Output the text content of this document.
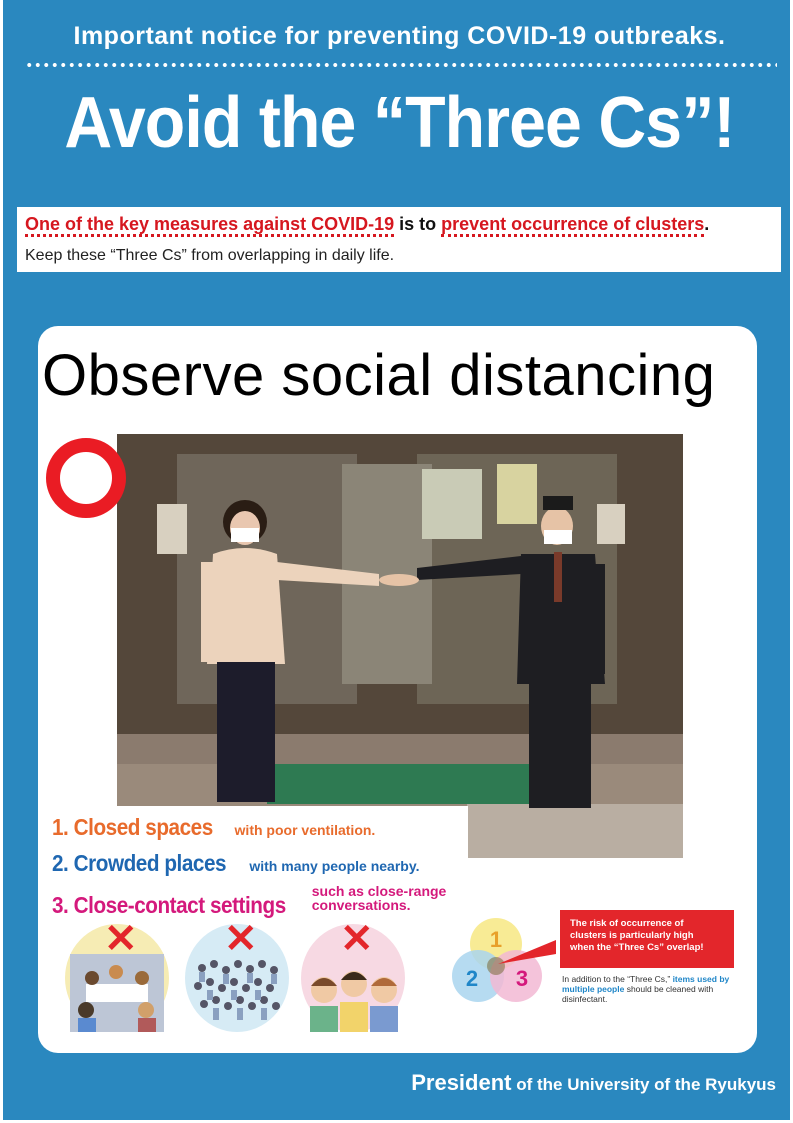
Important notice for preventing COVID-19 outbreaks.
Avoid the “Three Cs”!
One of the key measures against COVID-19 is to prevent occurrence of clusters.
Keep these “Three Cs” from overlapping in daily life.
Observe social distancing
1. Closed spaces with poor ventilation.
2. Crowded places with many people nearby.
3. Close-contact settingssuch as close-range
conversations.
✕ ✕ ✕	1
2 3
The risk of occurrence of
clusters is particularly high
when the “Three Cs” overlap!
In addition to the “Three Cs,” items used by multiple people should be cleaned with disinfectant.
President of the University of the Ryukyus
